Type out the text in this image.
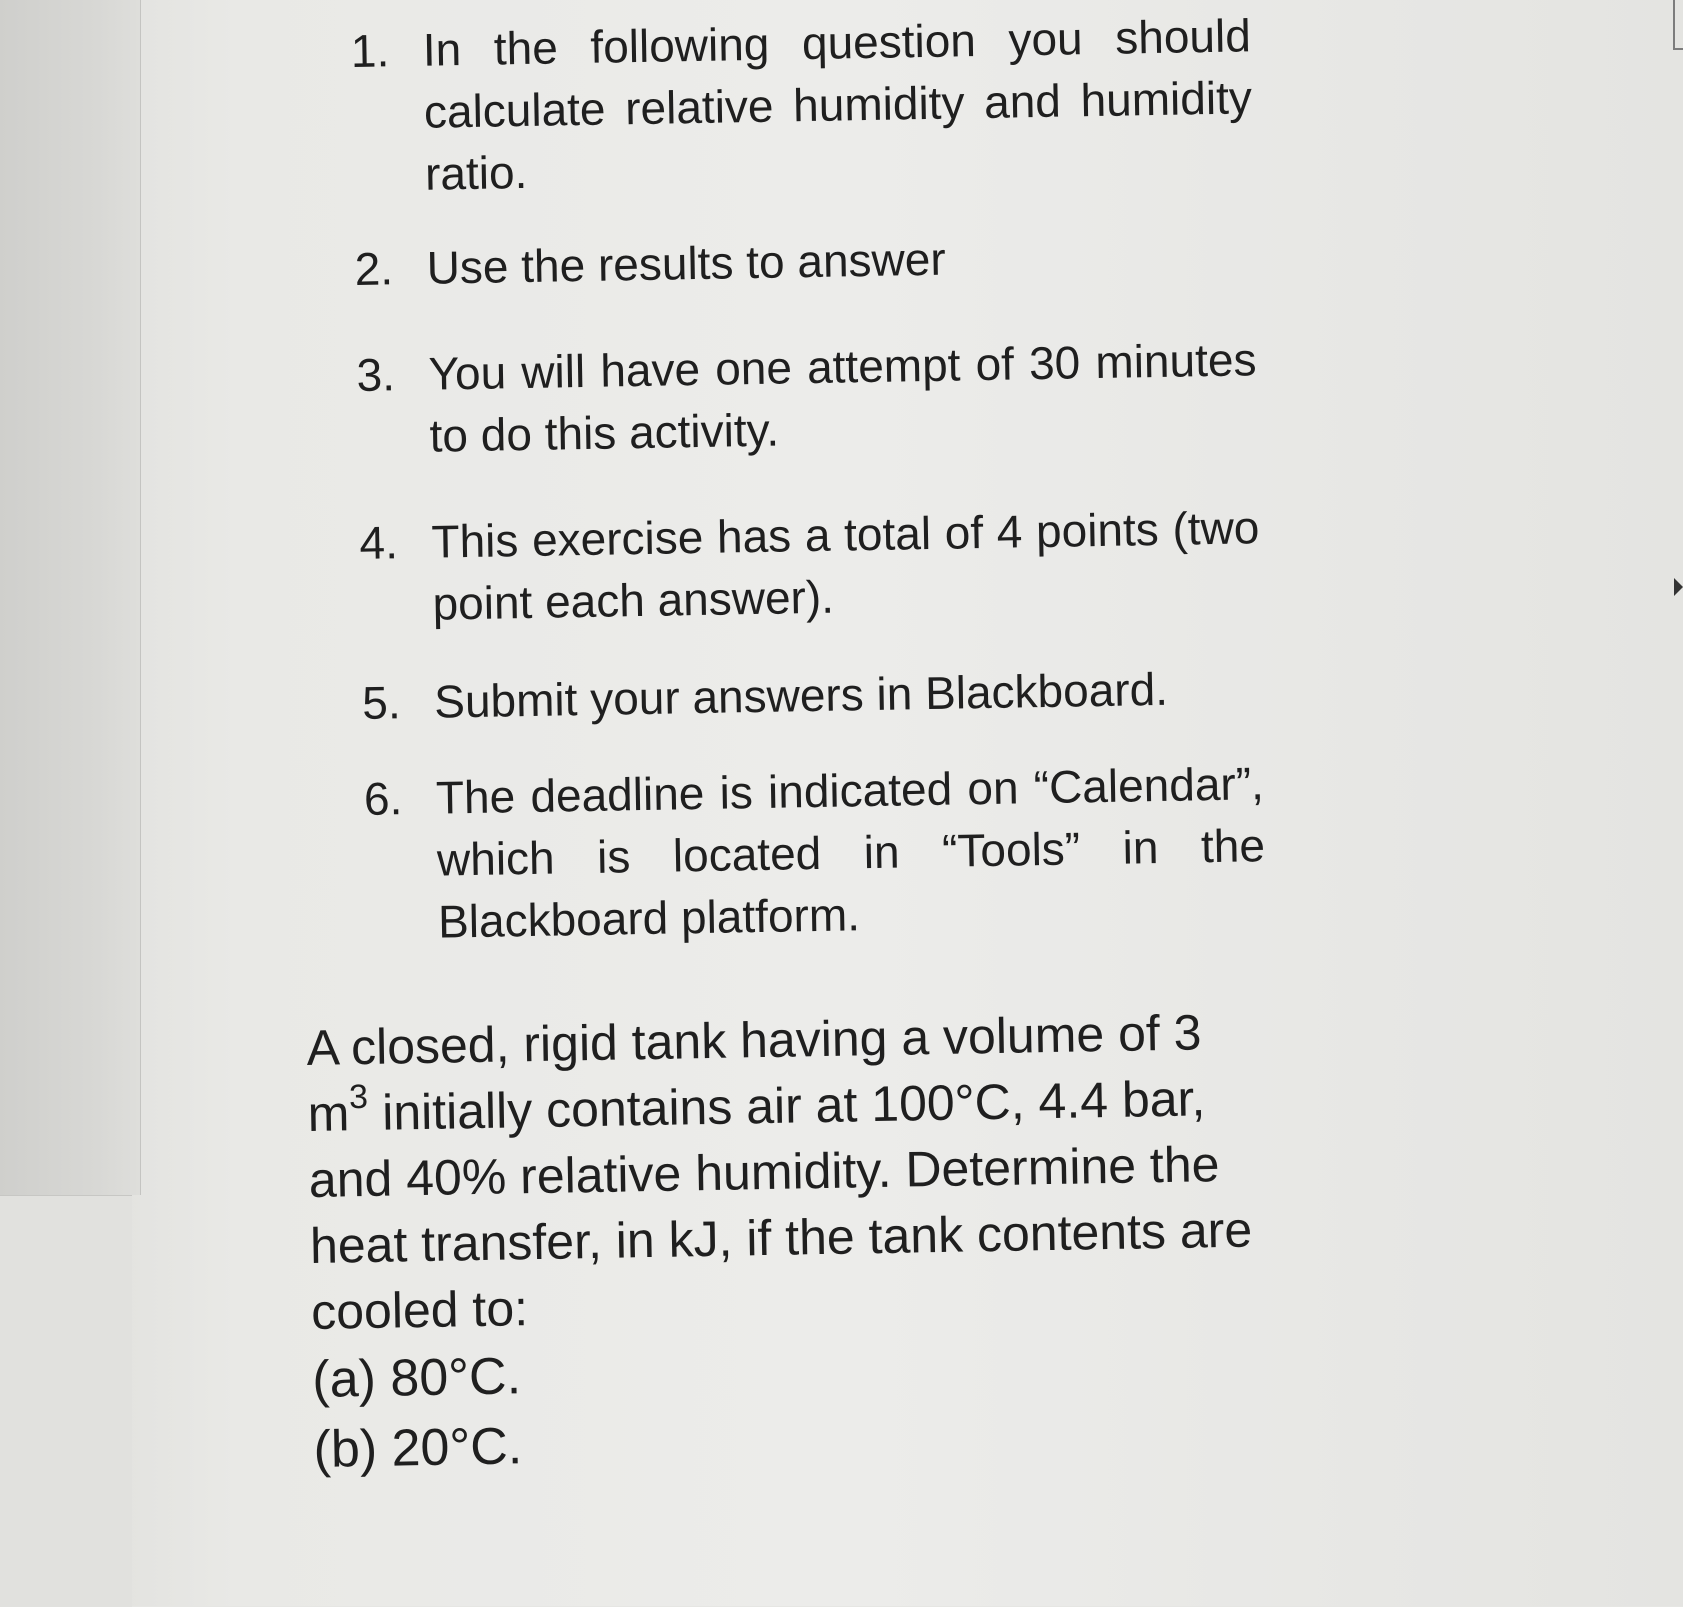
1. In the following question you should calculate relative humidity and humidity ratio.
2. Use the results to answer
3. You will have one attempt of 30 minutes to do this activity.
4. This exercise has a total of 4 points (two point each answer).
5. Submit your answers in Blackboard.
6. The deadline is indicated on “Calendar”, which is located in “Tools” in the Blackboard platform.

A closed, rigid tank having a volume of 3 $m^3$ initially contains air at 100°C, 4.4 bar, and 40% relative humidity. Determine the heat transfer, in kJ, if the tank contents are cooled to:

(a) 80°C.

(b) 20°C.
